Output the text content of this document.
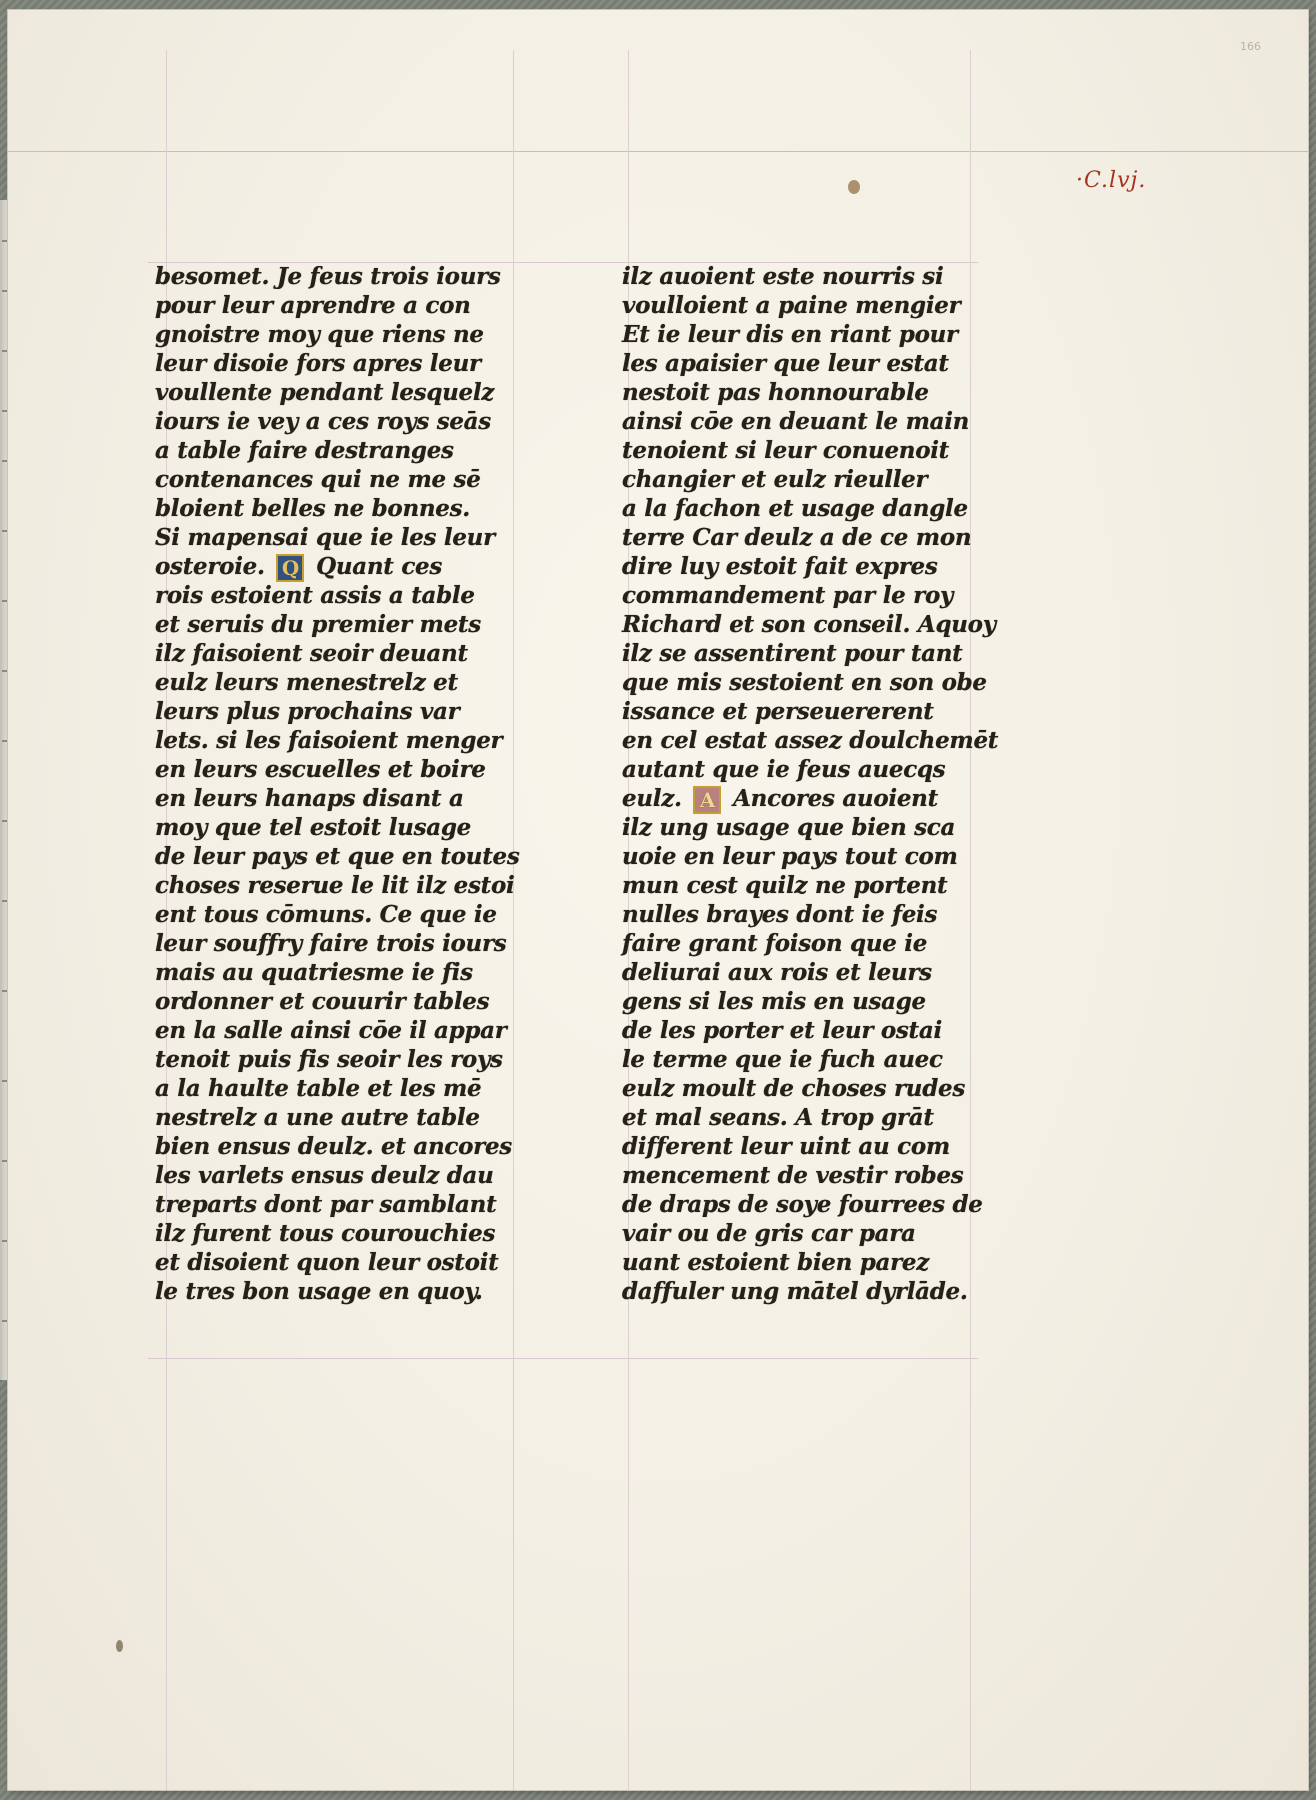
166
·C.lvj.
besomet. Je feus trois iours
pour leur aprendre a con
gnoistre moy que riens ne
leur disoie fors apres leur
voullente pendant lesquelz
iours ie vey a ces roys seās
a table faire destranges
contenances qui ne me sē
bloient belles ne bonnes.
Si mapensai que ie les leur
osteroie. Q Quant ces
rois estoient assis a table
et seruis du premier mets
ilz faisoient seoir deuant
eulz leurs menestrelz et
leurs plus prochains var
lets. si les faisoient menger
en leurs escuelles et boire
en leurs hanaps disant a
moy que tel estoit lusage
de leur pays et que en toutes
choses reserue le lit ilz estoi
ent tous cōmuns. Ce que ie
leur souffry faire trois iours
mais au quatriesme ie fis
ordonner et couurir tables
en la salle ainsi cōe il appar
tenoit puis fis seoir les roys
a la haulte table et les mē
nestrelz a une autre table
bien ensus deulz. et ancores
les varlets ensus deulz dau
treparts dont par samblant
ilz furent tous courouchies
et disoient quon leur ostoit
le tres bon usage en quoy.
ilz auoient este nourris si
voulloient a paine mengier
Et ie leur dis en riant pour
les apaisier que leur estat
nestoit pas honnourable
ainsi cōe en deuant le main
tenoient si leur conuenoit
changier et eulz rieuller
a la fachon et usage dangle
terre Car deulz a de ce mon
dire luy estoit fait expres
commandement par le roy
Richard et son conseil. Aquoy
ilz se assentirent pour tant
que mis sestoient en son obe
issance et perseuererent
en cel estat assez doulchemēt
autant que ie feus auecqs
eulz. A Ancores auoient
ilz ung usage que bien sca
uoie en leur pays tout com
mun cest quilz ne portent
nulles brayes dont ie feis
faire grant foison que ie
deliurai aux rois et leurs
gens si les mis en usage
de les porter et leur ostai
le terme que ie fuch auec
eulz moult de choses rudes
et mal seans. A trop grāt
different leur uint au com
mencement de vestir robes
de draps de soye fourrees de
vair ou de gris car para
uant estoient bien parez
daffuler ung mātel dyrlāde.
